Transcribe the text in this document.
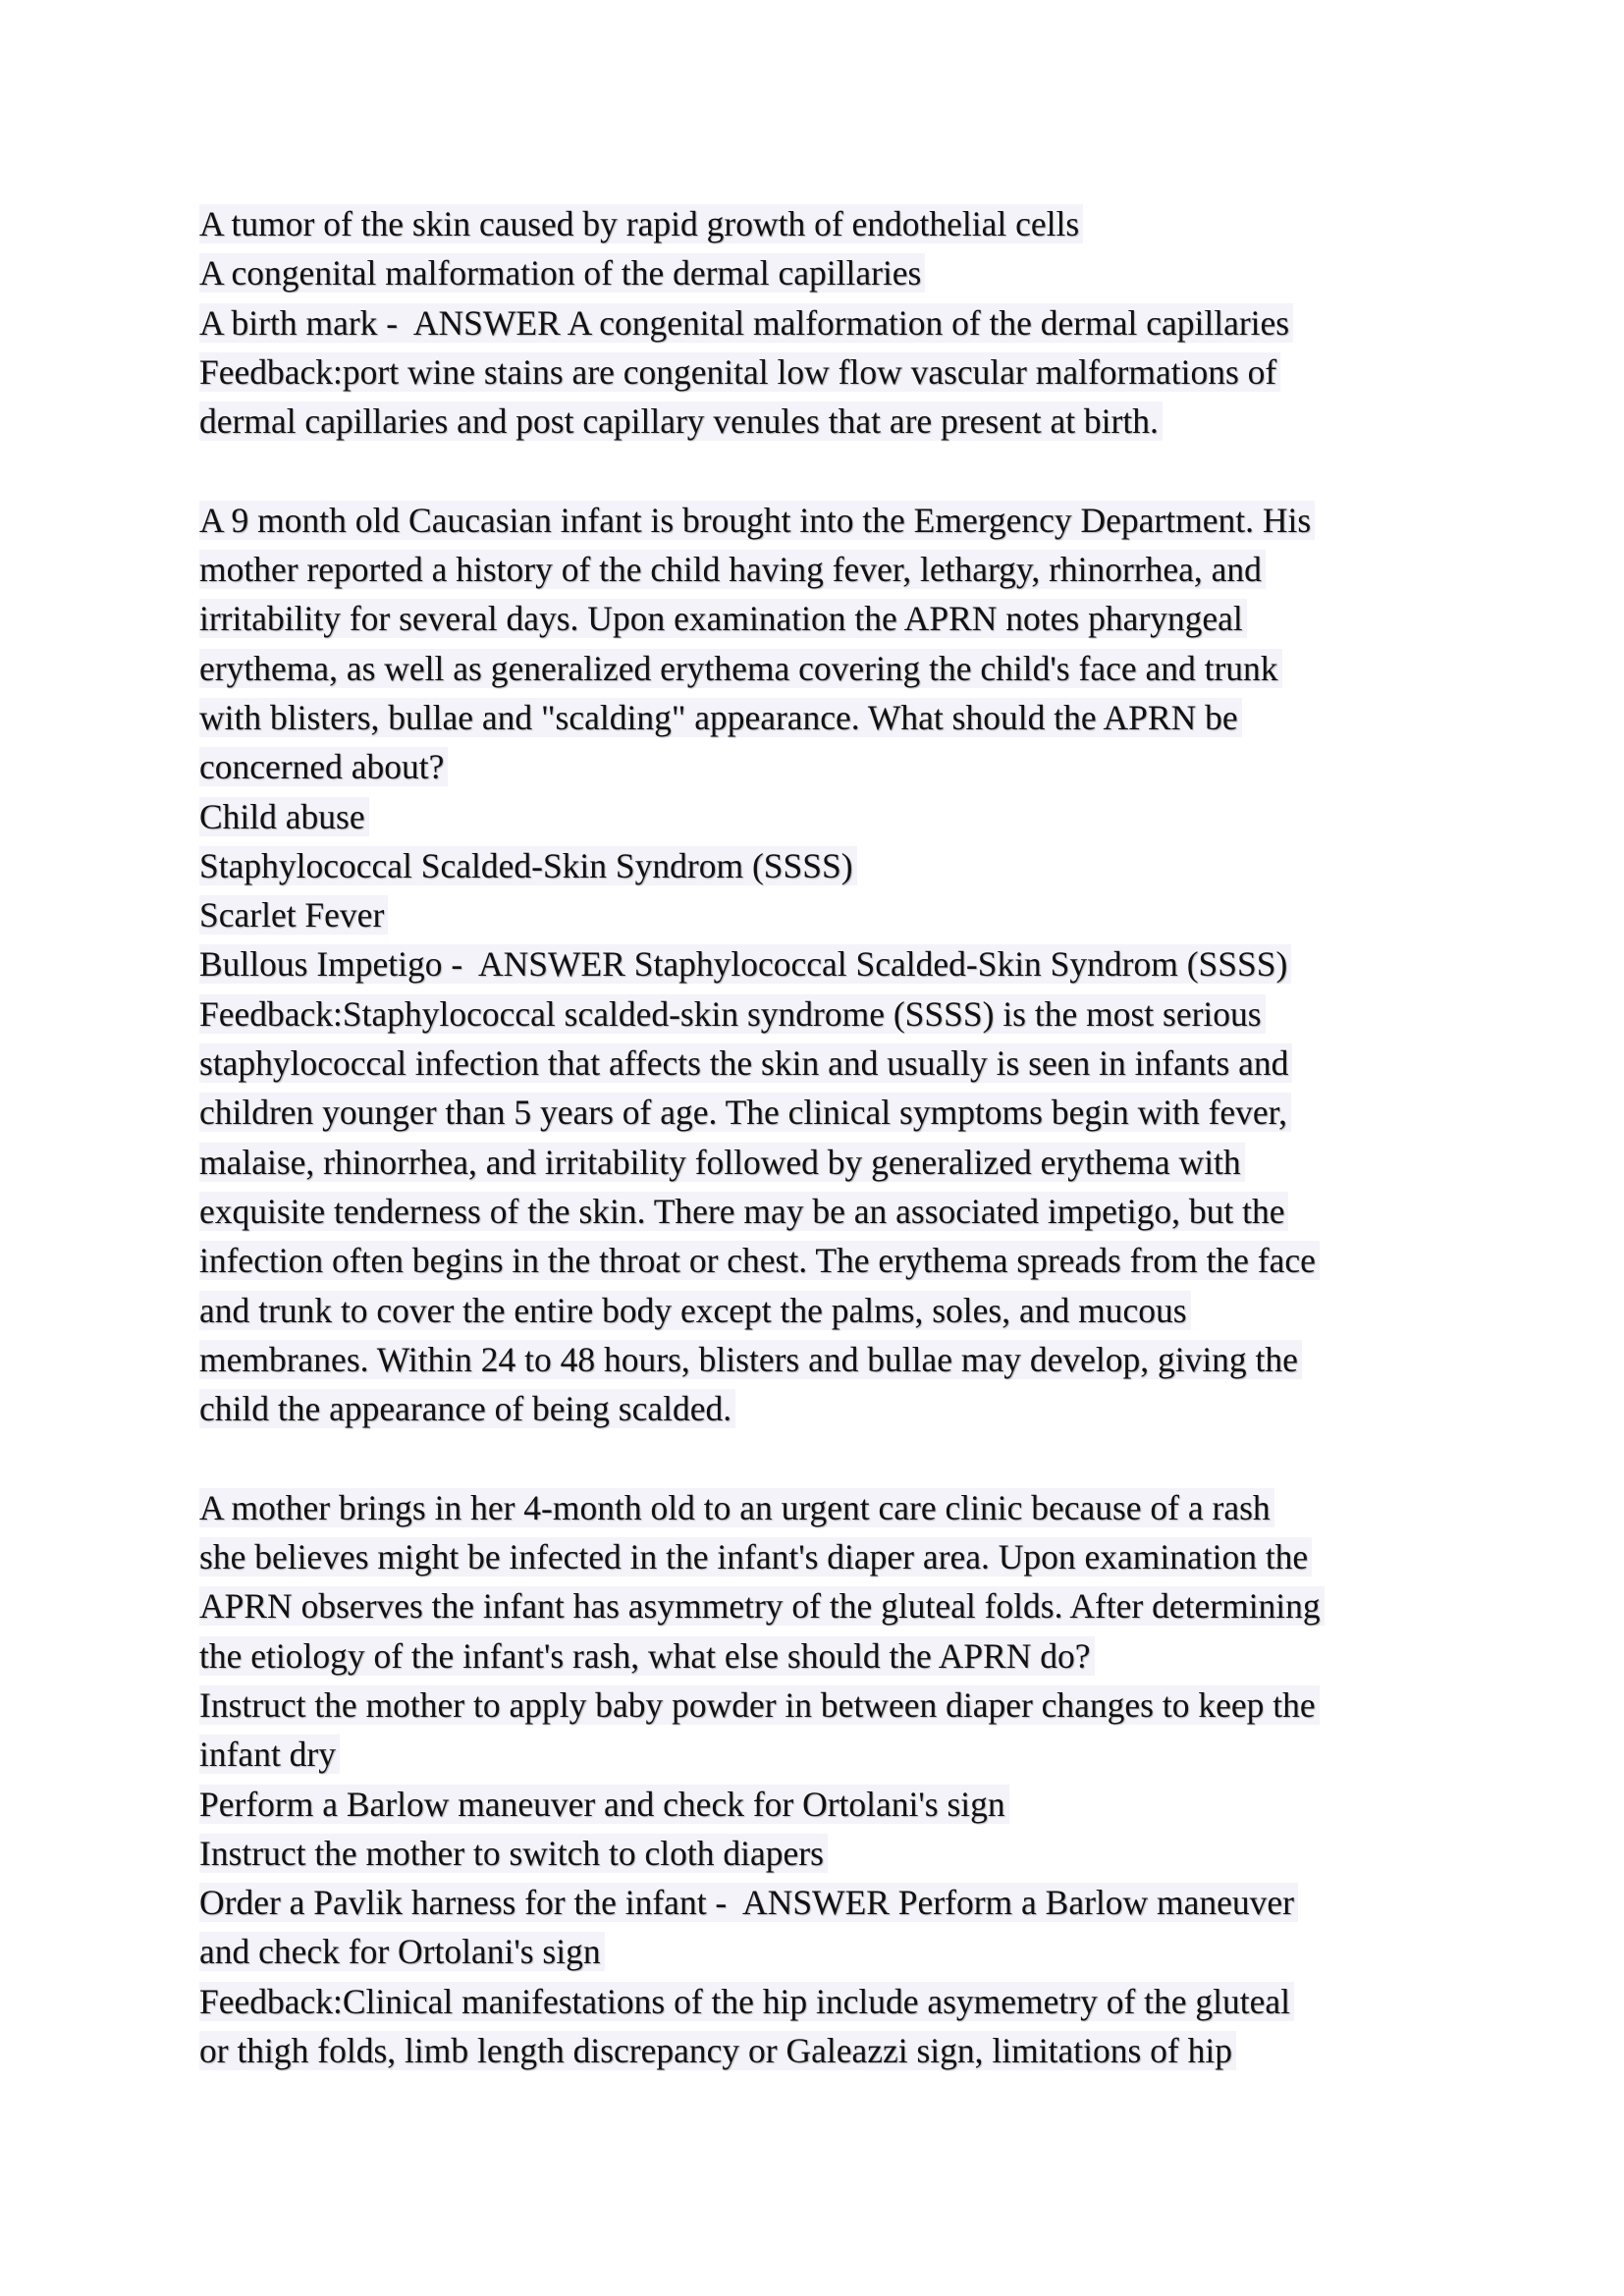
A tumor of the skin caused by rapid growth of endothelial cells
A congenital malformation of the dermal capillaries
A birth mark -  ANSWER A congenital malformation of the dermal capillaries
Feedback:port wine stains are congenital low flow vascular malformations of
dermal capillaries and post capillary venules that are present at birth.
A 9 month old Caucasian infant is brought into the Emergency Department. His
mother reported a history of the child having fever, lethargy, rhinorrhea, and
irritability for several days. Upon examination the APRN notes pharyngeal
erythema, as well as generalized erythema covering the child's face and trunk
with blisters, bullae and "scalding" appearance. What should the APRN be
concerned about?
Child abuse
Staphylococcal Scalded-Skin Syndrom (SSSS)
Scarlet Fever
Bullous Impetigo -  ANSWER Staphylococcal Scalded-Skin Syndrom (SSSS)
Feedback:Staphylococcal scalded-skin syndrome (SSSS) is the most serious
staphylococcal infection that affects the skin and usually is seen in infants and
children younger than 5 years of age. The clinical symptoms begin with fever,
malaise, rhinorrhea, and irritability followed by generalized erythema with
exquisite tenderness of the skin. There may be an associated impetigo, but the
infection often begins in the throat or chest. The erythema spreads from the face
and trunk to cover the entire body except the palms, soles, and mucous
membranes. Within 24 to 48 hours, blisters and bullae may develop, giving the
child the appearance of being scalded.
A mother brings in her 4-month old to an urgent care clinic because of a rash
she believes might be infected in the infant's diaper area. Upon examination the
APRN observes the infant has asymmetry of the gluteal folds. After determining
the etiology of the infant's rash, what else should the APRN do?
Instruct the mother to apply baby powder in between diaper changes to keep the
infant dry
Perform a Barlow maneuver and check for Ortolani's sign
Instruct the mother to switch to cloth diapers
Order a Pavlik harness for the infant -  ANSWER Perform a Barlow maneuver
and check for Ortolani's sign
Feedback:Clinical manifestations of the hip include asymemetry of the gluteal
or thigh folds, limb length discrepancy or Galeazzi sign, limitations of hip
